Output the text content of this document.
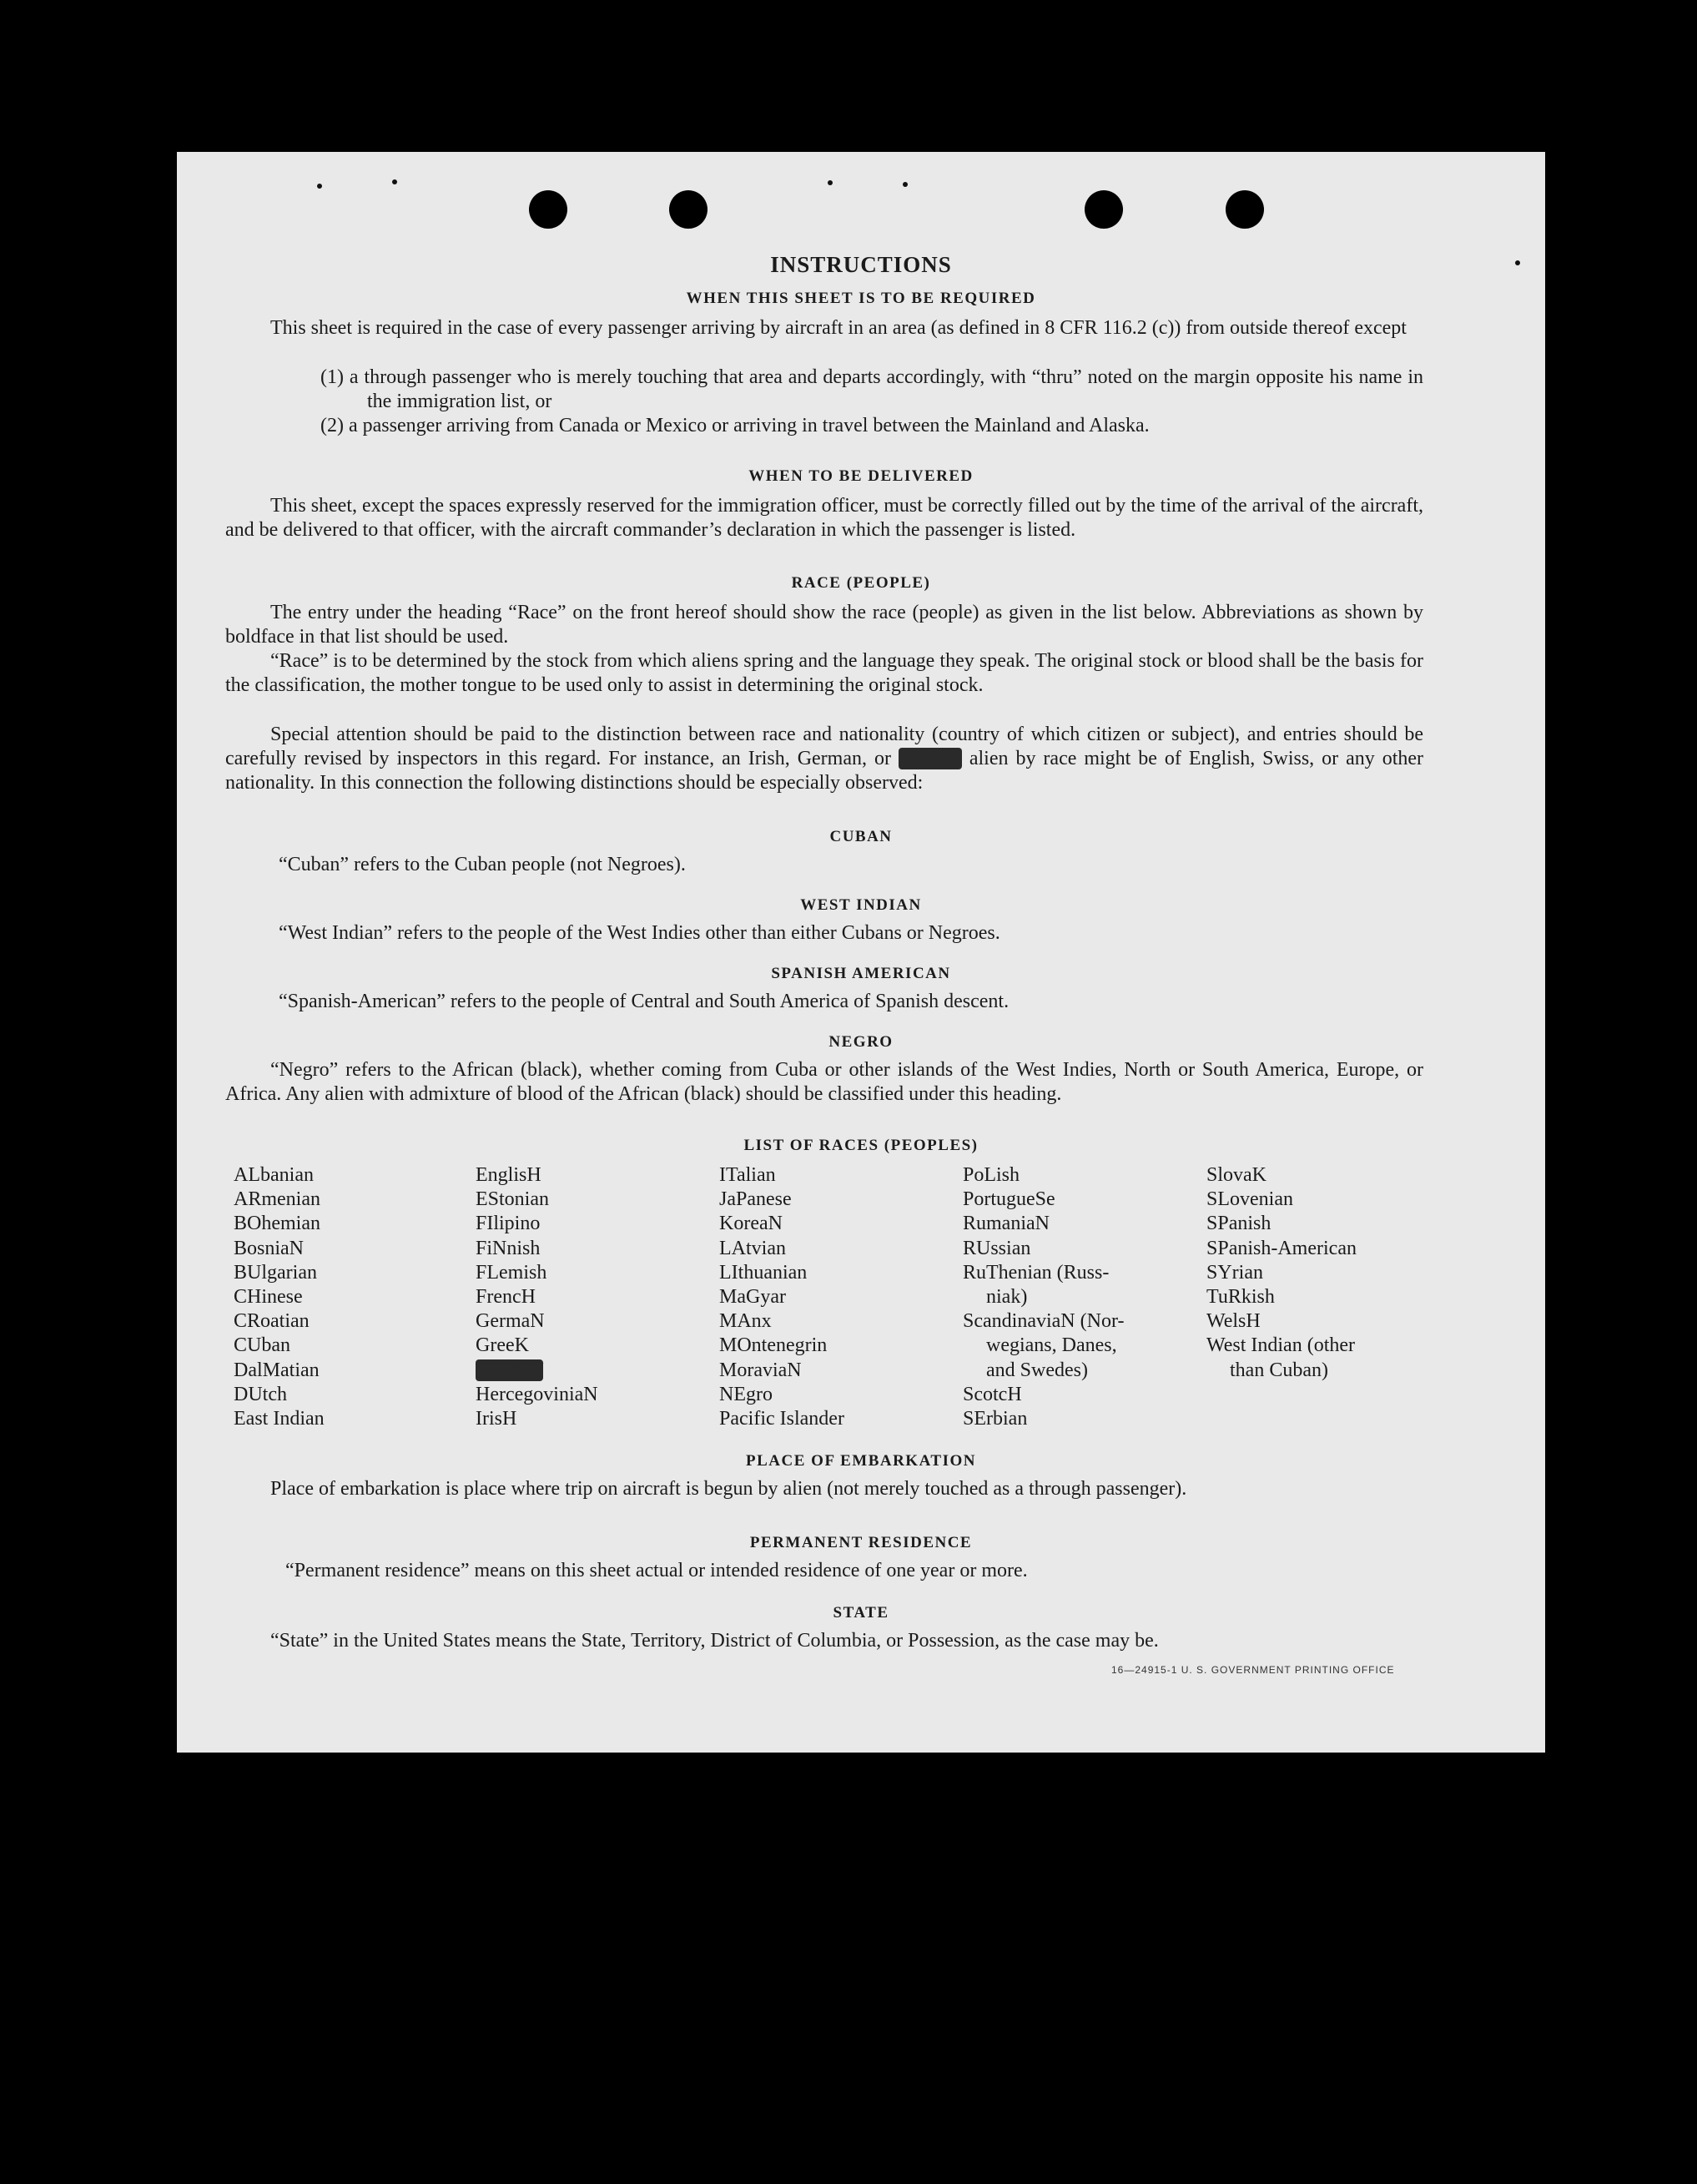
INSTRUCTIONS
WHEN THIS SHEET IS TO BE REQUIRED
This sheet is required in the case of every passenger arriving by aircraft in an area (as defined in 8 CFR 116.2 (c)) from outside thereof except
(1) a through passenger who is merely touching that area and departs accordingly, with “thru” noted on the margin opposite his name in the immigration list, or
(2) a passenger arriving from Canada or Mexico or arriving in travel between the Mainland and Alaska.
WHEN TO BE DELIVERED
This sheet, except the spaces expressly reserved for the immigration officer, must be correctly filled out by the time of the arrival of the aircraft, and be delivered to that officer, with the aircraft commander’s declaration in which the passenger is listed.
RACE (PEOPLE)
The entry under the heading “Race” on the front hereof should show the race (people) as given in the list below. Abbreviations as shown by boldface in that list should be used.
“Race” is to be determined by the stock from which aliens spring and the language they speak. The original stock or blood shall be the basis for the classification, the mother tongue to be used only to assist in determining the original stock.
Special attention should be paid to the distinction between race and nationality (country of which citizen or subject), and entries should be carefully revised by inspectors in this regard. For instance, an Irish, German, or Hebrew alien by race might be of English, Swiss, or any other nationality. In this connection the following distinctions should be especially observed:
CUBAN
“Cuban” refers to the Cuban people (not Negroes).
WEST INDIAN
“West Indian” refers to the people of the West Indies other than either Cubans or Negroes.
SPANISH AMERICAN
“Spanish-American” refers to the people of Central and South America of Spanish descent.
NEGRO
“Negro” refers to the African (black), whether coming from Cuba or other islands of the West Indies, North or South America, Europe, or Africa. Any alien with admixture of blood of the African (black) should be classified under this heading.
LIST OF RACES (PEOPLES)
ALbanian
ARmenian
BOhemian
BosniaN
BUlgarian
CHinese
CRoatian
CUban
DalMatian
DUtch
East Indian
EnglisH
EStonian
FIlipino
FiNnish
FLemish
FrencH
GermaN
GreeK
HebreW
HercegoviniaN
IrisH
ITalian
JaPanese
KoreaN
LAtvian
LIthuanian
MaGyar
MAnx
MOntenegrin
MoraviaN
NEgro
Pacific Islander
PoLish
PortugueSe
RumaniaN
RUssian
RuThenian (Russ-
niak)
ScandinaviaN (Nor-
wegians, Danes,
and Swedes)
ScotcH
SErbian
SlovaK
SLovenian
SPanish
SPanish-American
SYrian
TuRkish
WelsH
West Indian (other
than Cuban)
PLACE OF EMBARKATION
Place of embarkation is place where trip on aircraft is begun by alien (not merely touched as a through passenger).
PERMANENT RESIDENCE
“Permanent residence” means on this sheet actual or intended residence of one year or more.
STATE
“State” in the United States means the State, Territory, District of Columbia, or Possession, as the case may be.
16—24915-1 U. S. GOVERNMENT PRINTING OFFICE
